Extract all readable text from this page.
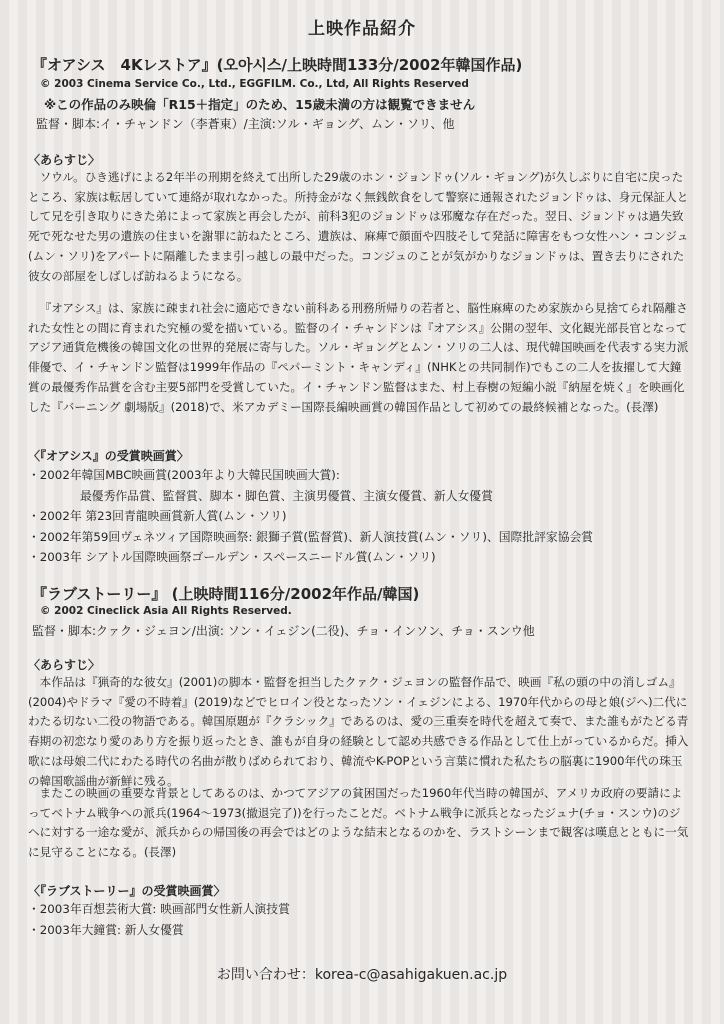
上映作品紹介
『オアシス　4Kレストア』(오아시스/上映時間133分/2002年韓国作品)
© 2003 Cinema Service Co., Ltd., EGGFILM. Co., Ltd, All Rights Reserved
※この作品のみ映倫「R15＋指定」のため、15歳未満の方は観覧できません
監督・脚本:イ・チャンドン（李蒼東）/主演:ソル・ギョング、ムン・ソリ、他
〈あらすじ〉

ソウル。ひき逃げによる2年半の刑期を終えて出所した29歳のホン・ジョンドゥ(ソル・ギョング)が久しぶりに自宅に戻ったところ、家族は転居していて連絡が取れなかった。所持金がなく無銭飲食をして警察に通報されたジョンドゥは、身元保証人として兄を引き取りにきた弟によって家族と再会したが、前科3犯のジョンドゥは邪魔な存在だった。翌日、ジョンドゥは過失致死で死なせた男の遺族の住まいを謝罪に訪ねたところ、遺族は、麻痺で顔面や四肢そして発話に障害をもつ女性ハン・コンジュ(ムン・ソリ)をアパートに隔離したまま引っ越しの最中だった。コンジュのことが気がかりなジョンドゥは、置き去りにされた彼女の部屋をしばしば訪ねるようになる。

『オアシス』は、家族に疎まれ社会に適応できない前科ある刑務所帰りの若者と、脳性麻痺のため家族から見捨てられ隔離された女性との間に育まれた究極の愛を描いている。監督のイ・チャンドンは『オアシス』公開の翌年、文化観光部長官となってアジア通貨危機後の韓国文化の世界的発展に寄与した。ソル・ギョングとムン・ソリの二人は、現代韓国映画を代表する実力派俳優で、イ・チャンドン監督は1999年作品の『ペパーミント・キャンディ』(NHKとの共同制作)でもこの二人を抜擢して大鐘賞の最優秀作品賞を含む主要5部門を受賞していた。イ・チャンドン監督はまた、村上春樹の短編小説『納屋を焼く』を映画化した『バーニング 劇場版』(2018)で、米アカデミー国際長編映画賞の韓国作品として初めての最終候補となった。(長澤)

〈『オアシス』の受賞映画賞〉
・2002年韓国MBC映画賞(2003年より大韓民国映画大賞):
最優秀作品賞、監督賞、脚本・脚色賞、主演男優賞、主演女優賞、新人女優賞
・2002年 第23回青龍映画賞新人賞(ムン・ソリ)
・2002年第59回ヴェネツィア国際映画祭: 銀獅子賞(監督賞)、新人演技賞(ムン・ソリ)、国際批評家協会賞
・2003年 シアトル国際映画祭ゴールデン・スペースニードル賞(ムン・ソリ)
『ラブストーリー』 (上映時間116分/2002年作品/韓国)
© 2002 Cineclick Asia All Rights Reserved.
監督・脚本:クァク・ジェヨン/出演: ソン・イェジン(二役)、チョ・インソン、チョ・スンウ他
〈あらすじ〉

本作品は『猟奇的な彼女』(2001)の脚本・監督を担当したクァク・ジェヨンの監督作品で、映画『私の頭の中の消しゴム』(2004)やドラマ『愛の不時着』(2019)などでヒロイン役となったソン・イェジンによる、1970年代からの母と娘(ジヘ)二代にわたる切ない二役の物語である。韓国原題が『クラシック』であるのは、愛の三重奏を時代を超えて奏で、また誰もがたどる青春期の初恋なり愛のあり方を振り返ったとき、誰もが自身の経験として認め共感できる作品として仕上がっているからだ。挿入歌には母娘二代にわたる時代の名曲が散りばめられており、韓流やK-POPという言葉に慣れた私たちの脳裏に1900年代の珠玉の韓国歌謡曲が新鮮に残る。

またこの映画の重要な背景としてあるのは、かつてアジアの貧困国だった1960年代当時の韓国が、アメリカ政府の要請によってベトナム戦争への派兵(1964〜1973(撤退完了))を行ったことだ。ベトナム戦争に派兵となったジュナ(チョ・スンウ)のジヘに対する一途な愛が、派兵からの帰国後の再会ではどのような結末となるのかを、ラストシーンまで観客は嘆息とともに一気に見守ることになる。(長澤)

〈『ラブストーリー』の受賞映画賞〉
・2003年百想芸術大賞: 映画部門女性新人演技賞
・2003年大鐘賞: 新人女優賞
お問い合わせ：korea-c@asahigakuen.ac.jp
